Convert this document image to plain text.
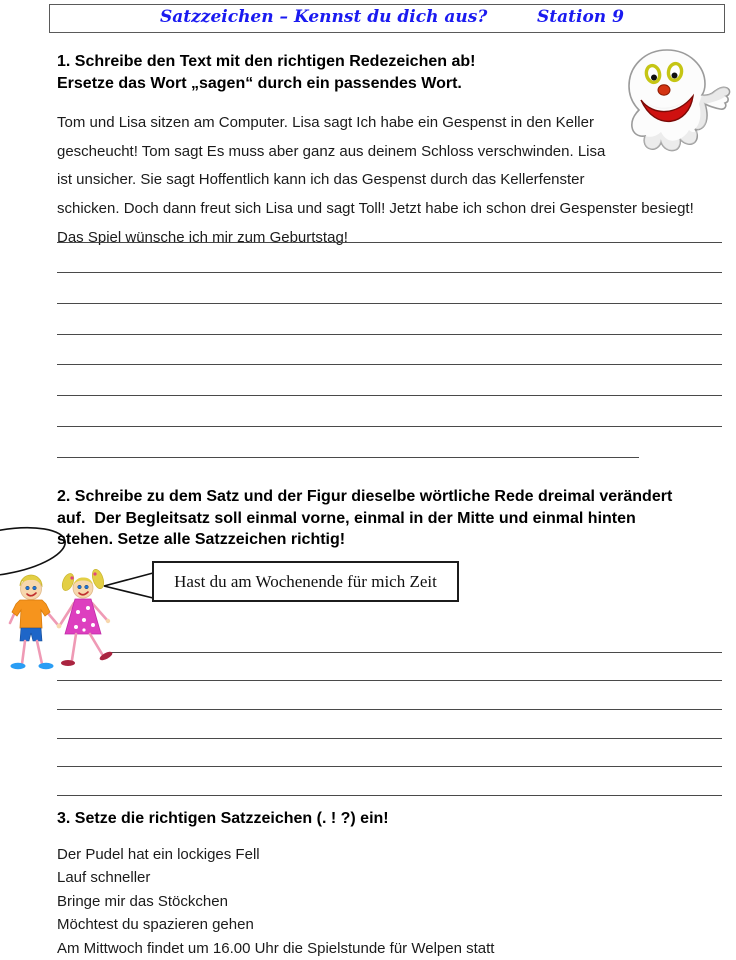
Satzzeichen – Kennst du dich aus?	Station 9
1. Schreibe den Text mit den richtigen Redezeichen ab!
Ersetze das Wort „sagen“ durch ein passendes Wort.
Tom und Lisa sitzen am Computer. Lisa sagt Ich habe ein Gespenst in den Keller
gescheucht! Tom sagt Es muss aber ganz aus deinem Schloss verschwinden. Lisa
ist unsicher. Sie sagt Hoffentlich kann ich das Gespenst durch das Kellerfenster
schicken. Doch dann freut sich Lisa und sagt Toll! Jetzt habe ich schon drei Gespenster besiegt!
Das Spiel wünsche ich mir zum Geburtstag!
2. Schreibe zu dem Satz und der Figur dieselbe wörtliche Rede dreimal verändert
auf.  Der Begleitsatz soll einmal vorne, einmal in der Mitte und einmal hinten
stehen. Setze alle Satzzeichen richtig!
Hast du am Wochenende für mich Zeit
3. Setze die richtigen Satzzeichen (. ! ?) ein!
Der Pudel hat ein lockiges Fell
Lauf schneller
Bringe mir das Stöckchen
Möchtest du spazieren gehen
Am Mittwoch findet um 16.00 Uhr die Spielstunde für Welpen statt
